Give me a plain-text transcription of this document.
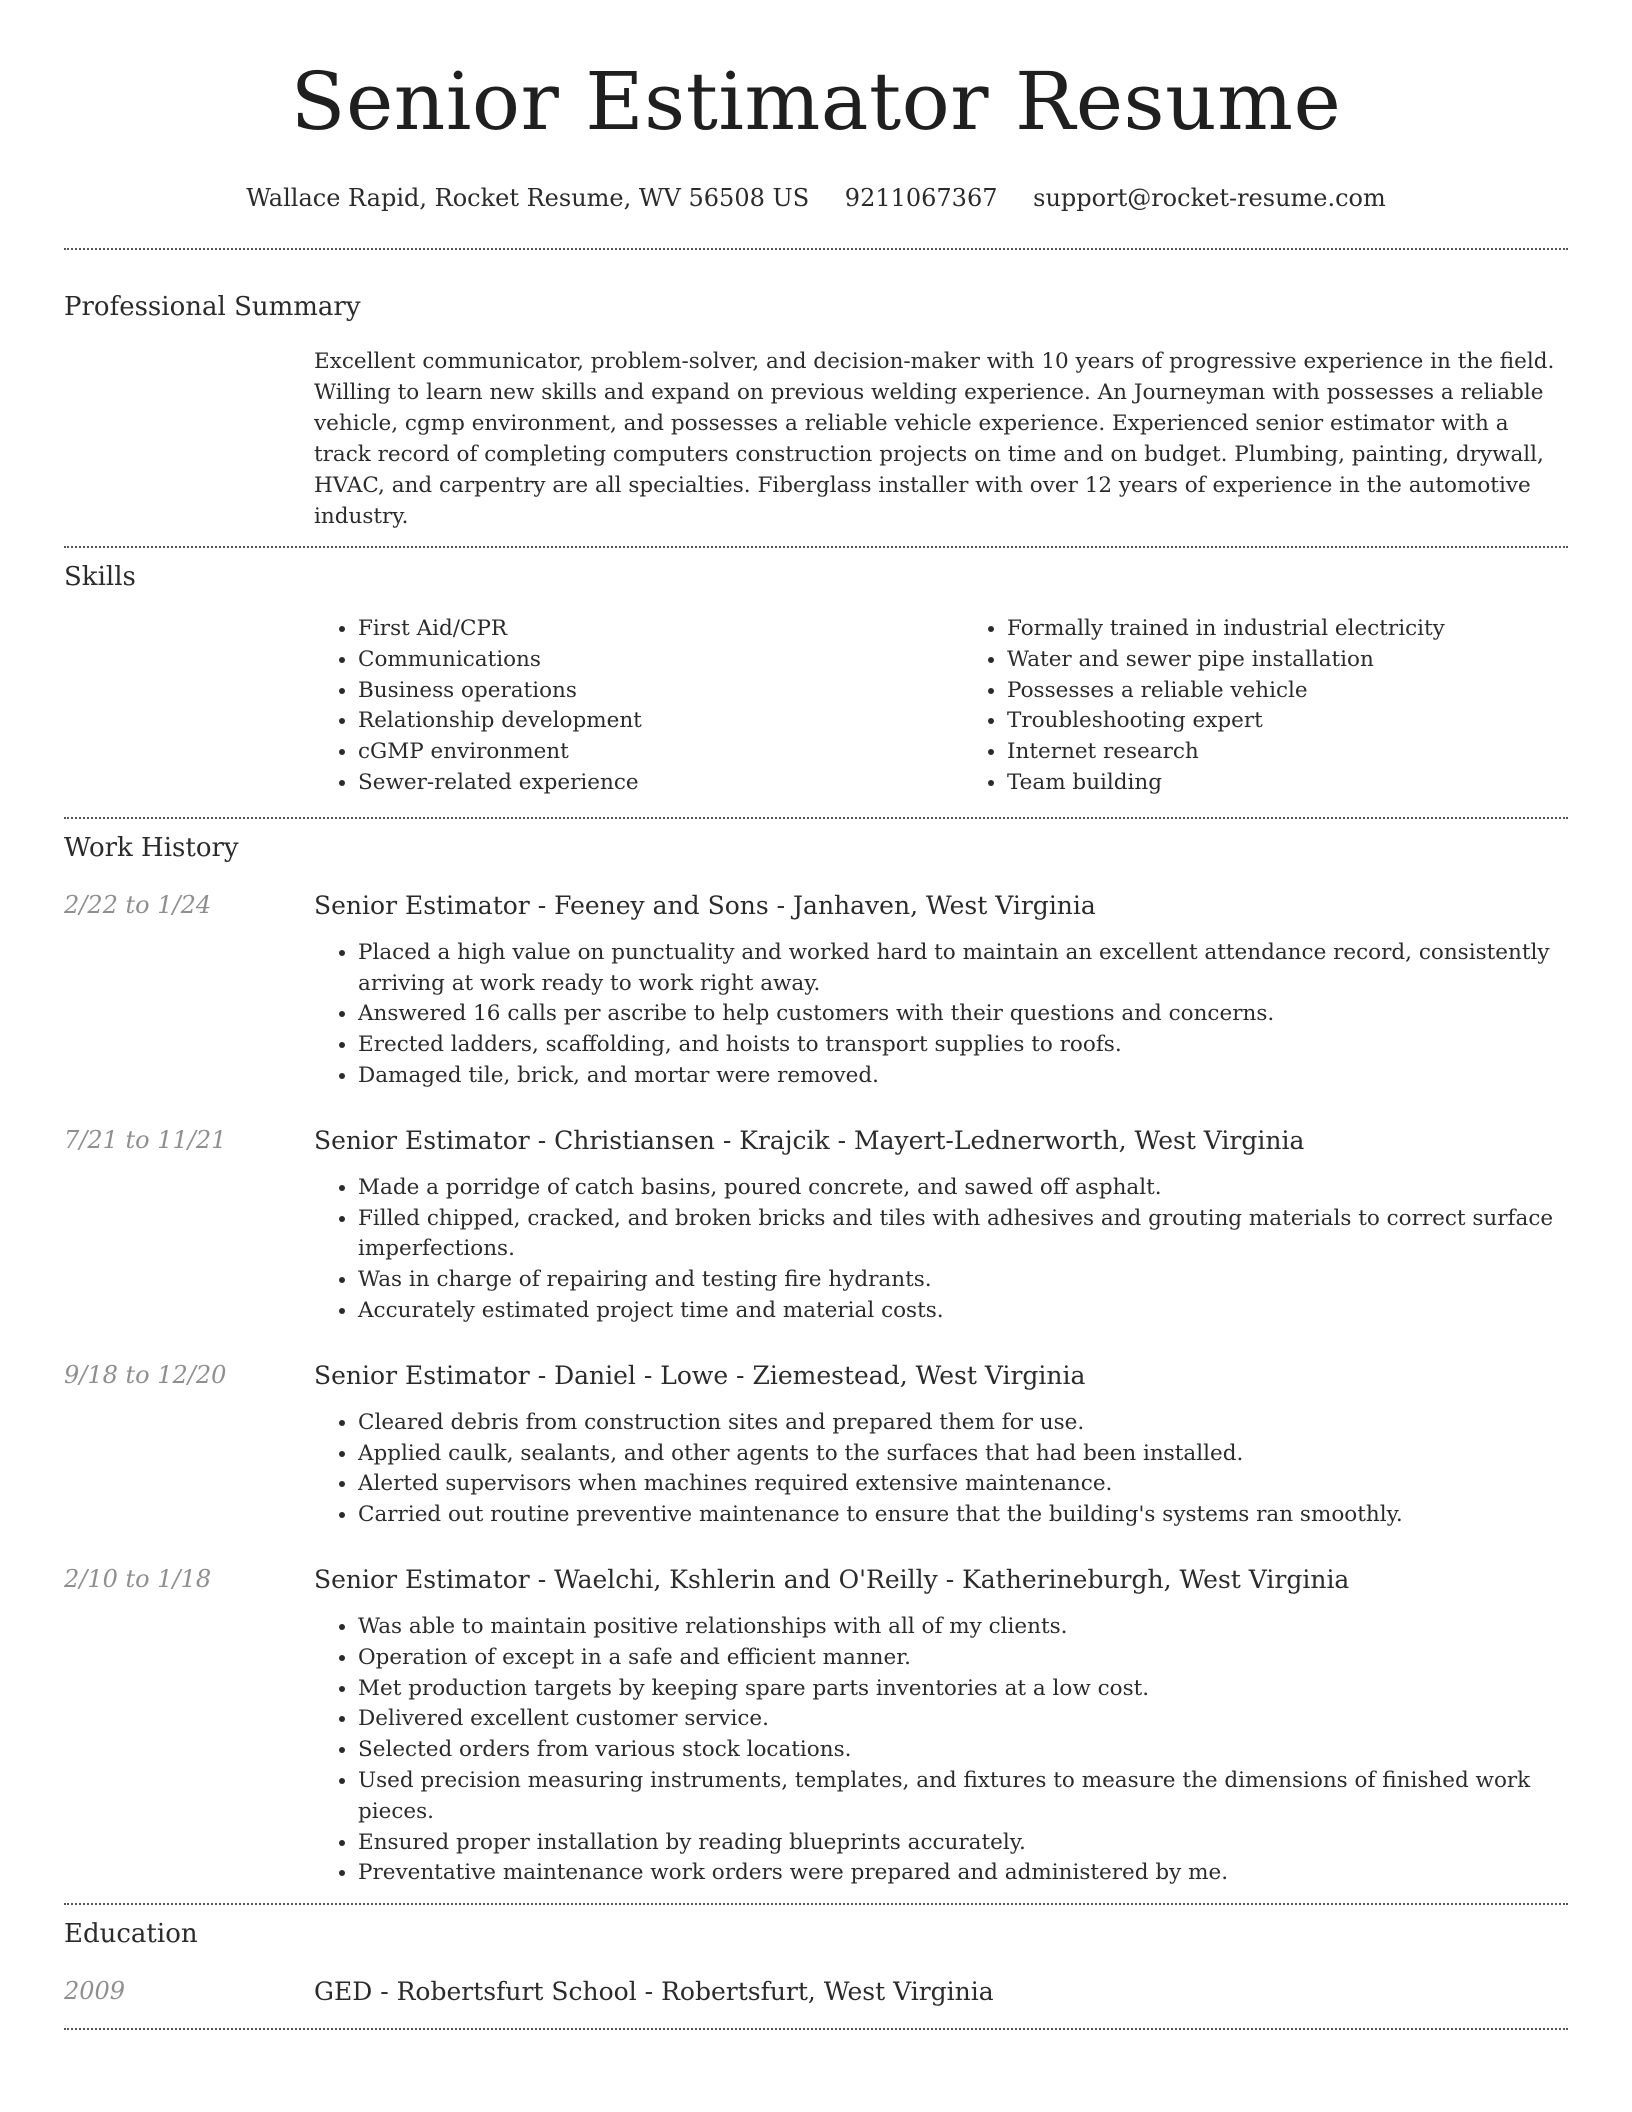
Senior Estimator Resume
Wallace Rapid, Rocket Resume, WV 56508 US 9211067367 support@rocket-resume.com
Professional Summary
Excellent communicator, problem-solver, and decision-maker with 10 years of progressive experience in the field. Willing to learn new skills and expand on previous welding experience. An Journeyman with possesses a reliable vehicle, cgmp environment, and possesses a reliable vehicle experience. Experienced senior estimator with a track record of completing computers construction projects on time and on budget. Plumbing, painting, drywall, HVAC, and carpentry are all specialties. Fiberglass installer with over 12 years of experience in the automotive industry.
Skills
• First Aid/CPR
• Communications
• Business operations
• Relationship development
• cGMP environment
• Sewer-related experience
• Formally trained in industrial electricity
• Water and sewer pipe installation
• Possesses a reliable vehicle
• Troubleshooting expert
• Internet research
• Team building
Work History
2/22 to 1/24	Senior Estimator - Feeney and Sons - Janhaven, West Virginia
• Placed a high value on punctuality and worked hard to maintain an excellent attendance record, consistently arriving at work ready to work right away.
• Answered 16 calls per ascribe to help customers with their questions and concerns.
• Erected ladders, scaffolding, and hoists to transport supplies to roofs.
• Damaged tile, brick, and mortar were removed.
7/21 to 11/21	Senior Estimator - Christiansen - Krajcik - Mayert-Lednerworth, West Virginia
• Made a porridge of catch basins, poured concrete, and sawed off asphalt.
• Filled chipped, cracked, and broken bricks and tiles with adhesives and grouting materials to correct surface imperfections.
• Was in charge of repairing and testing fire hydrants.
• Accurately estimated project time and material costs.
9/18 to 12/20	Senior Estimator - Daniel - Lowe - Ziemestead, West Virginia
• Cleared debris from construction sites and prepared them for use.
• Applied caulk, sealants, and other agents to the surfaces that had been installed.
• Alerted supervisors when machines required extensive maintenance.
• Carried out routine preventive maintenance to ensure that the building's systems ran smoothly.
2/10 to 1/18	Senior Estimator - Waelchi, Kshlerin and O'Reilly - Katherineburgh, West Virginia
• Was able to maintain positive relationships with all of my clients.
• Operation of except in a safe and efficient manner.
• Met production targets by keeping spare parts inventories at a low cost.
• Delivered excellent customer service.
• Selected orders from various stock locations.
• Used precision measuring instruments, templates, and fixtures to measure the dimensions of finished work pieces.
• Ensured proper installation by reading blueprints accurately.
• Preventative maintenance work orders were prepared and administered by me.
Education
2009	GED - Robertsfurt School - Robertsfurt, West Virginia
